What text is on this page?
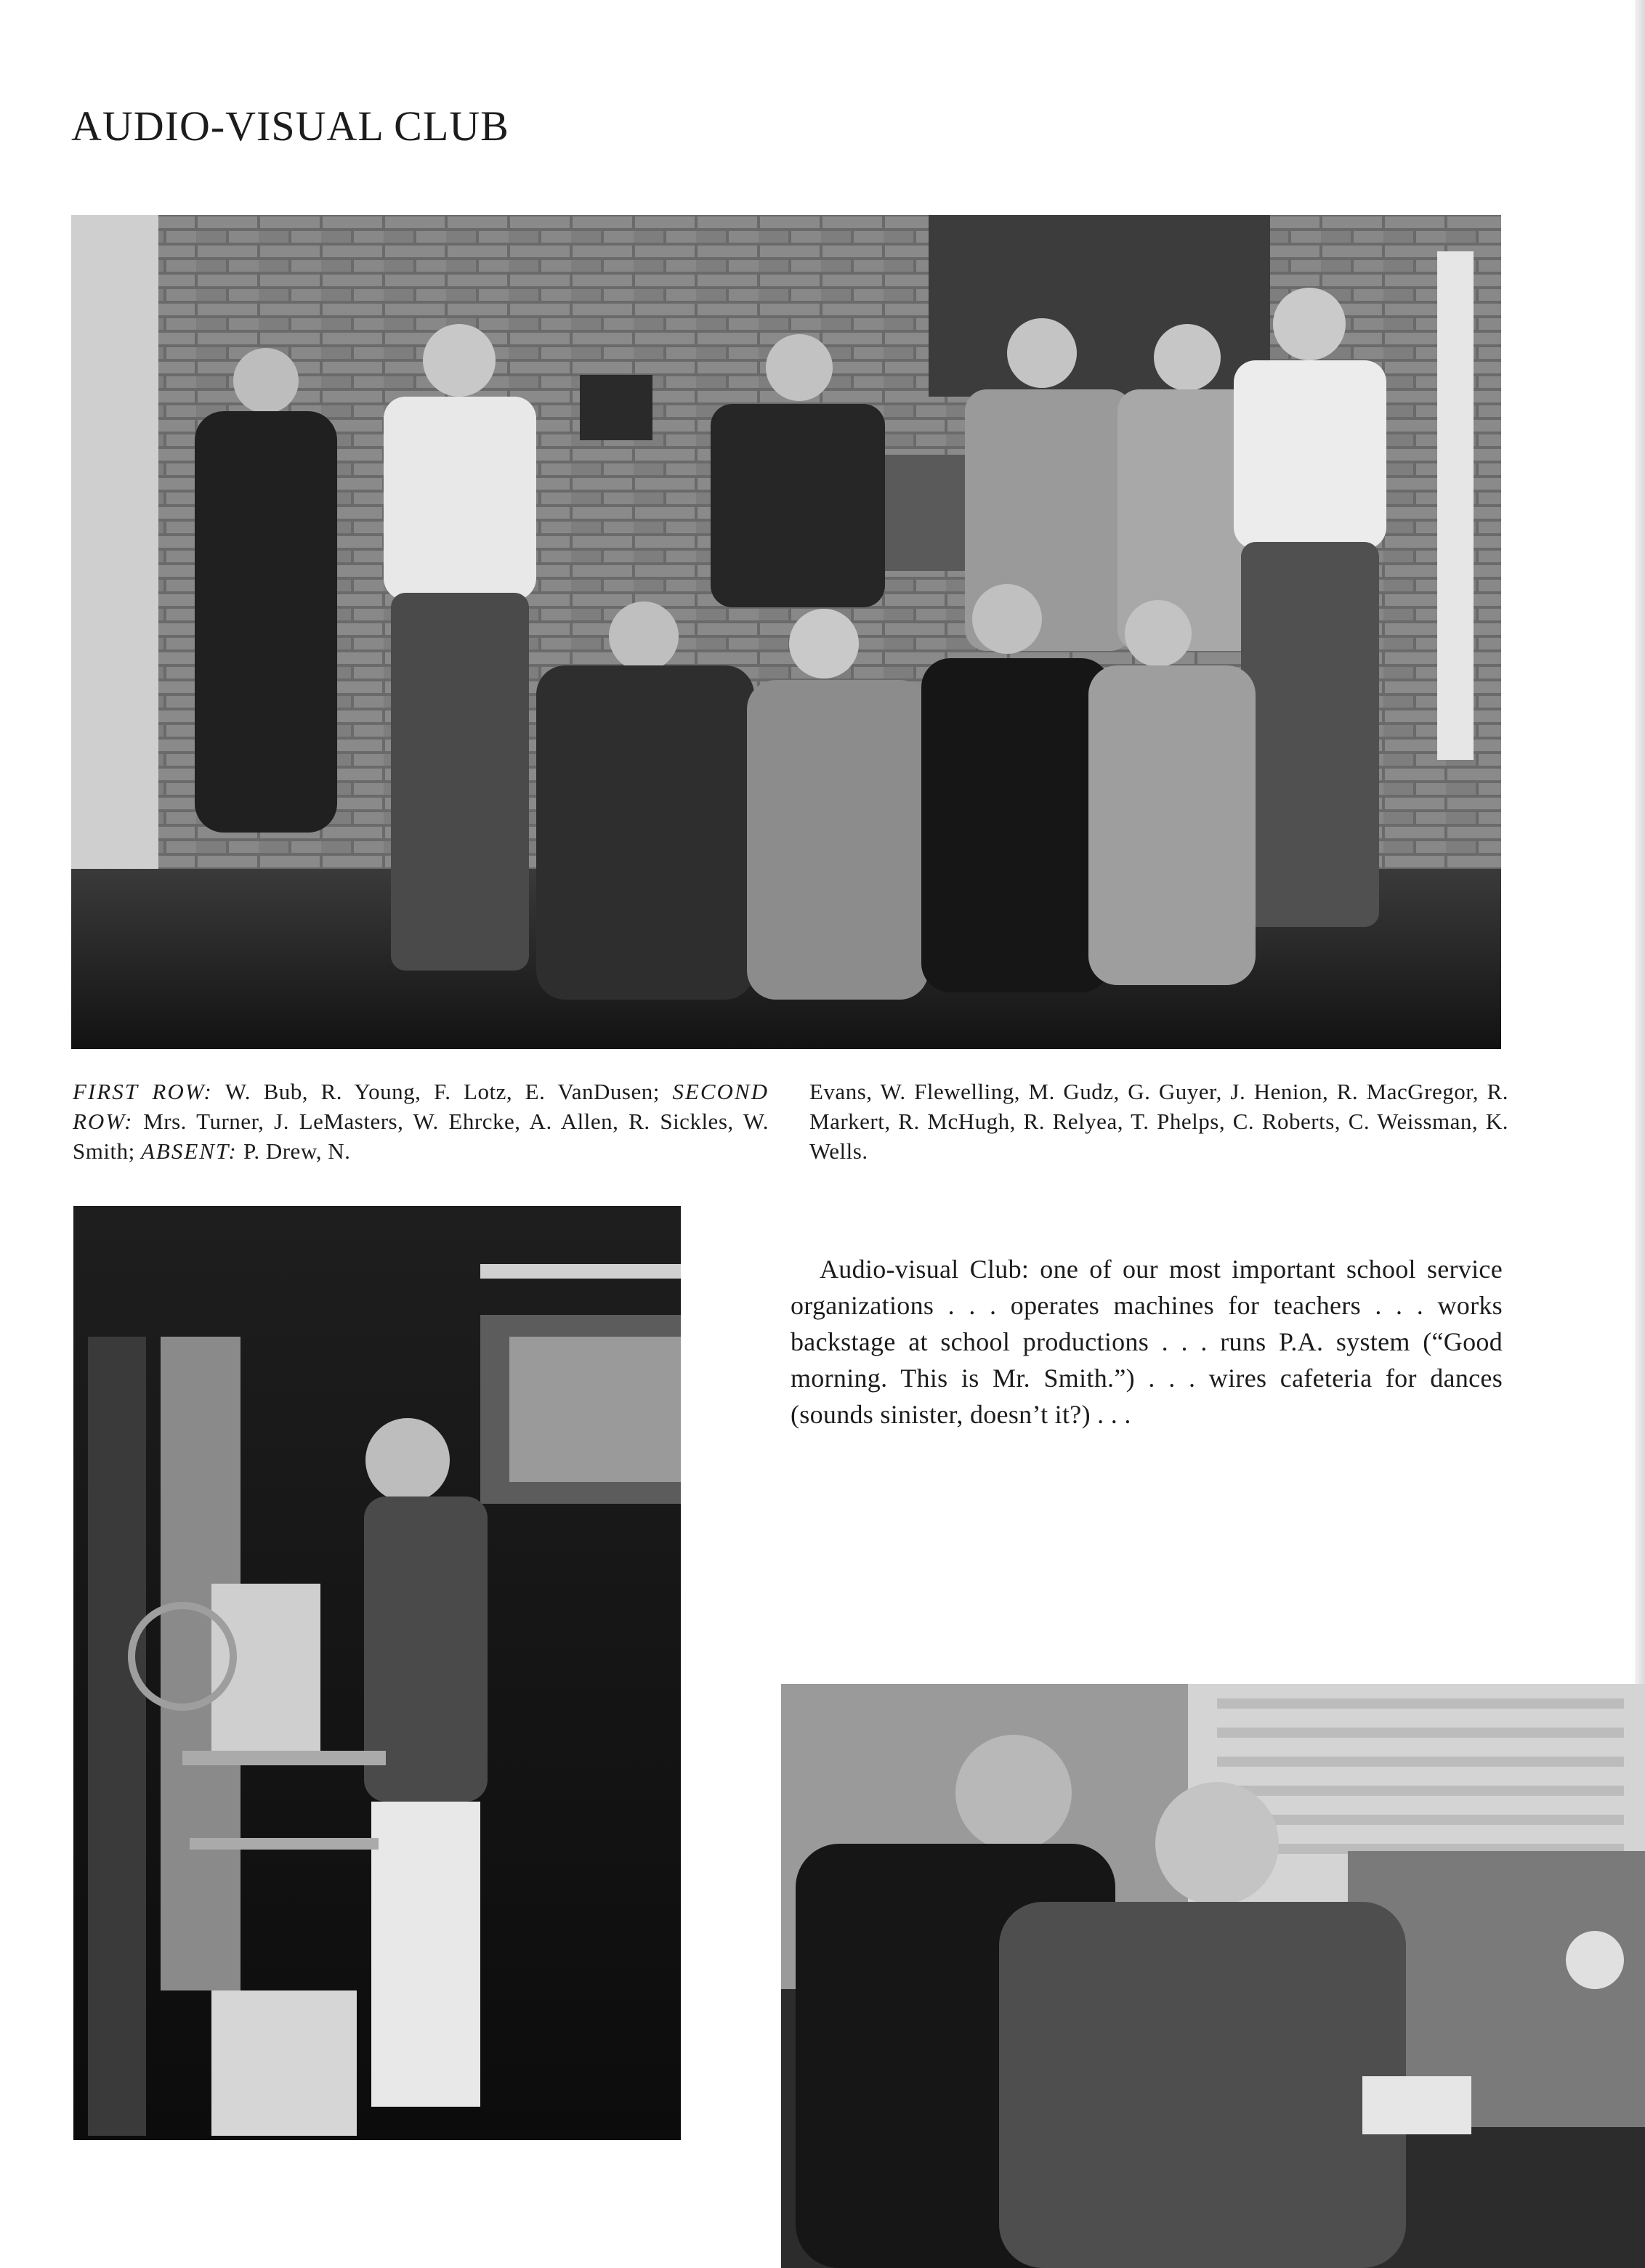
AUDIO-VISUAL CLUB
FIRST ROW: W. Bub, R. Young, F. Lotz, E. VanDusen; SECOND ROW: Mrs. Turner, J. LeMasters, W. Ehrcke, A. Allen, R. Sickles, W. Smith; ABSENT: P. Drew, N.
Evans, W. Flewelling, M. Gudz, G. Guyer, J. Henion, R. MacGregor, R. Markert, R. McHugh, R. Relyea, T. Phelps, C. Roberts, C. Weissman, K. Wells.

Audio-visual Club: one of our most important school service organizations . . . operates machines for teachers . . . works backstage at school productions . . . runs P.A. system (“Good morning. This is Mr. Smith.”) . . . wires cafeteria for dances (sounds sinister, doesn’t it?) . . .
